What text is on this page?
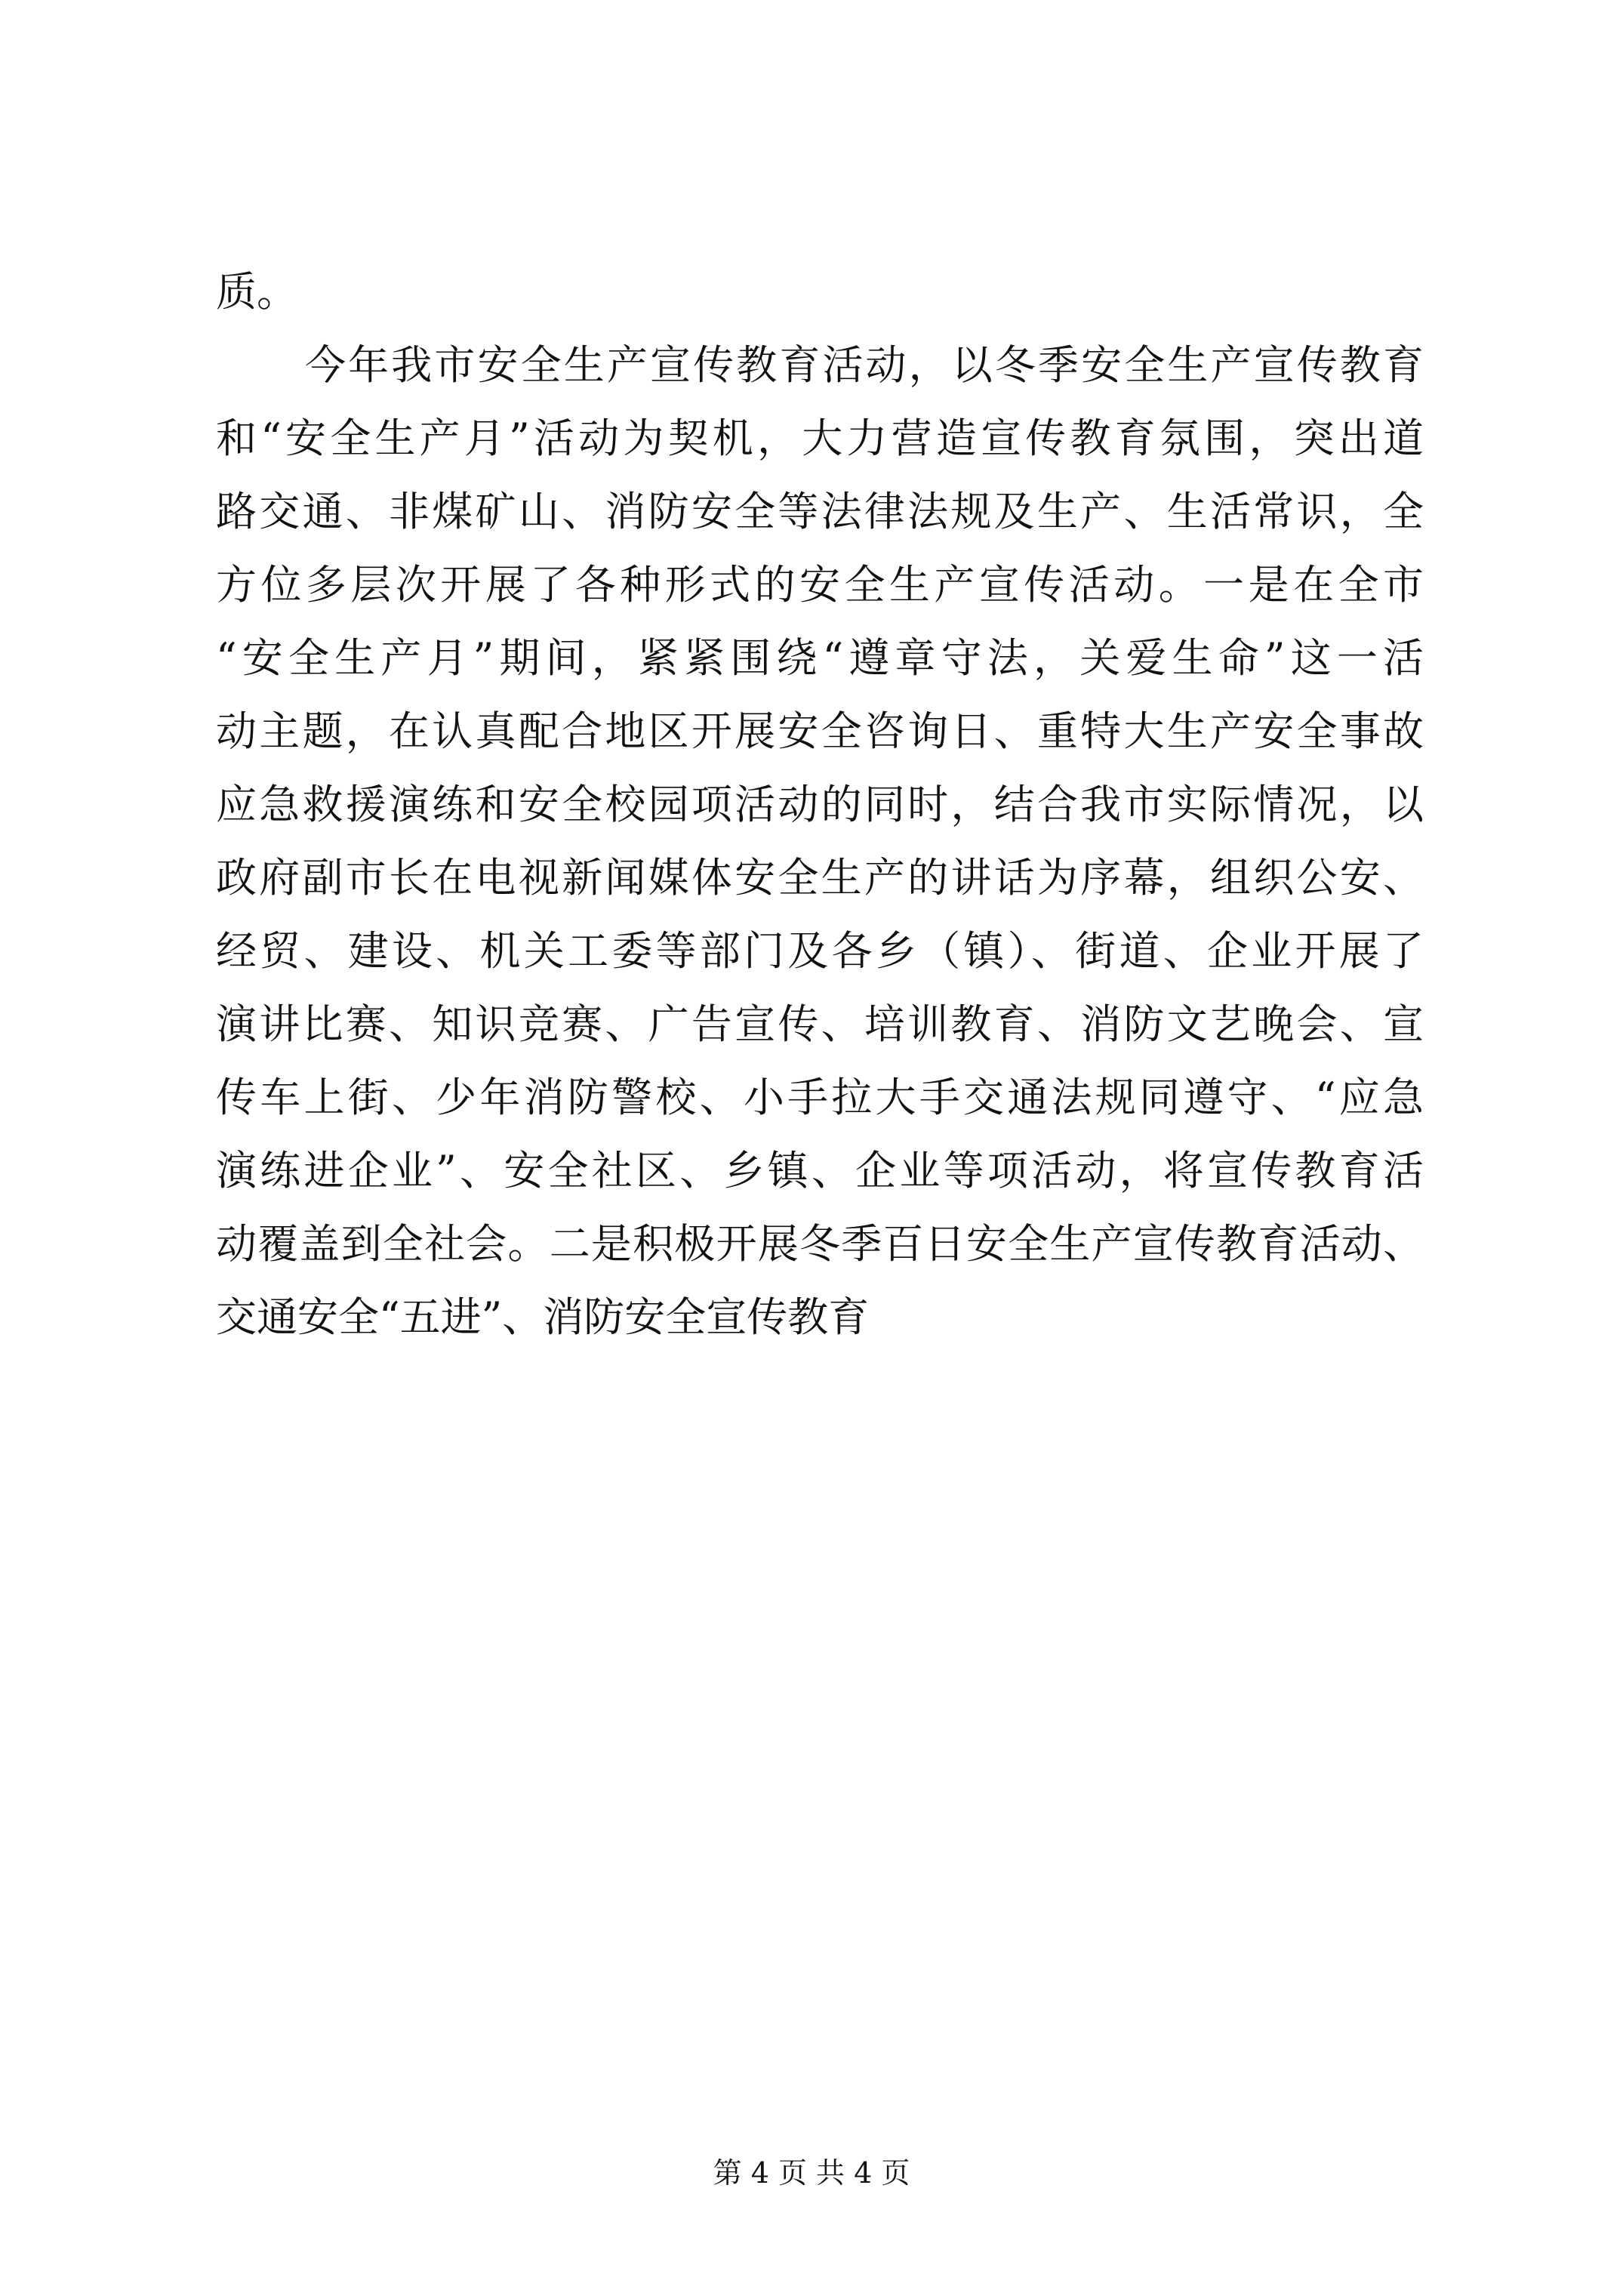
质。
今年我市安全生产宣传教育活动，以冬季安全生产宣传教育
和“安全生产月”活动为契机，大力营造宣传教育氛围，突出道
路交通、非煤矿山、消防安全等法律法规及生产、生活常识，全
方位多层次开展了各种形式的安全生产宣传活动。一是在全市
“安全生产月”期间，紧紧围绕“遵章守法，关爱生命”这一活
动主题，在认真配合地区开展安全咨询日、重特大生产安全事故
应急救援演练和安全校园项活动的同时，结合我市实际情况，以
政府副市长在电视新闻媒体安全生产的讲话为序幕，组织公安、
经贸、建设、机关工委等部门及各乡（镇）、街道、企业开展了
演讲比赛、知识竞赛、广告宣传、培训教育、消防文艺晚会、宣
传车上街、少年消防警校、小手拉大手交通法规同遵守、“应急
演练进企业”、安全社区、乡镇、企业等项活动，将宣传教育活
动覆盖到全社会。二是积极开展冬季百日安全生产宣传教育活动、
交通安全“五进”、消防安全宣传教育
第 4 页 共 4 页
